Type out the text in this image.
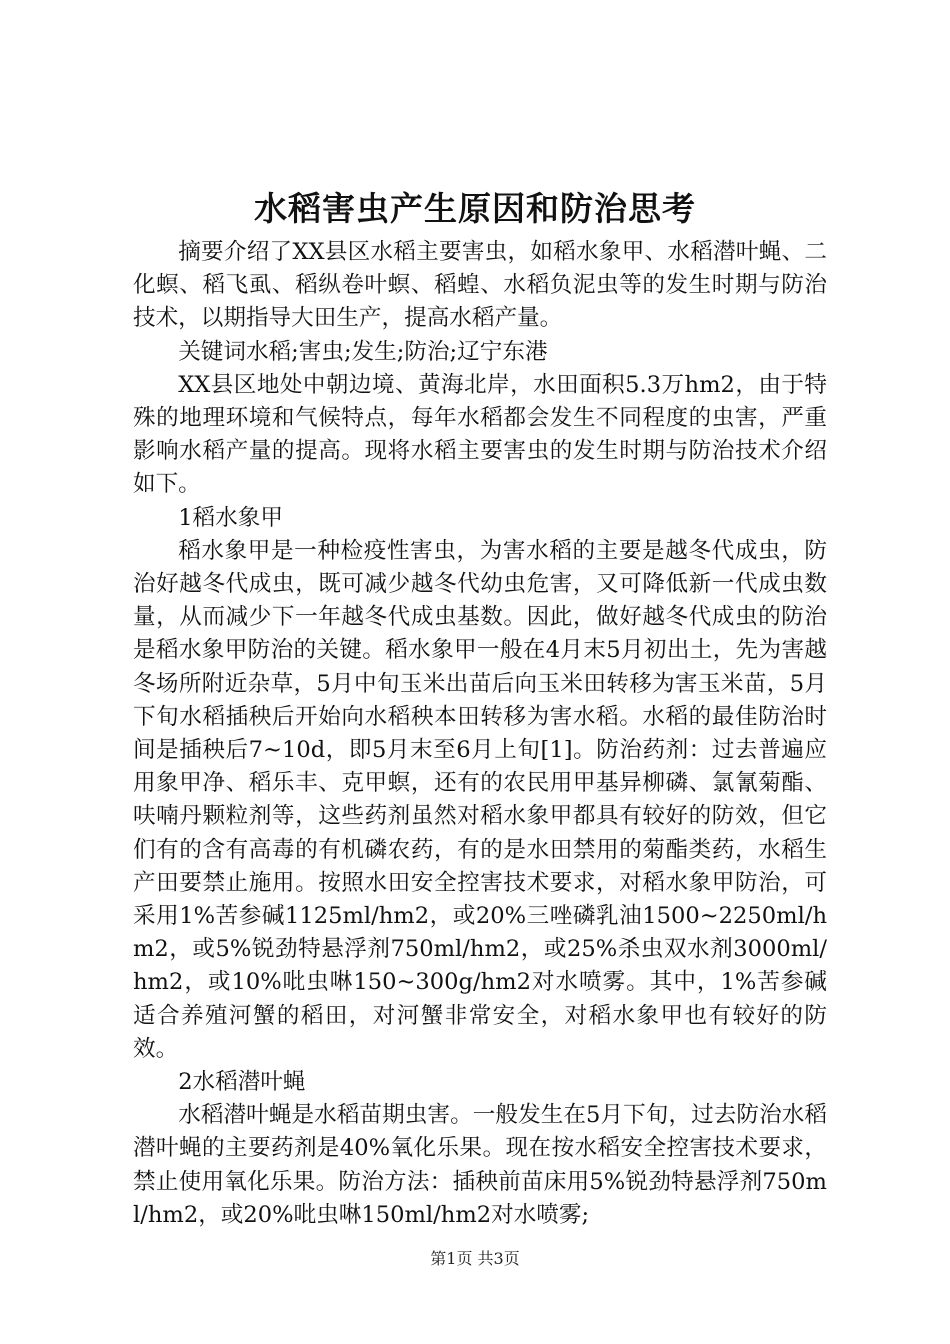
水稻害虫产生原因和防治思考

摘要介绍了XX县区水稻主要害虫，如稻水象甲、水稻潜叶蝇、二化螟、稻飞虱、稻纵卷叶螟、稻蝗、水稻负泥虫等的发生时期与防治技术，以期指导大田生产，提高水稻产量。

关键词水稻;害虫;发生;防治;辽宁东港

XX县区地处中朝边境、黄海北岸，水田面积5.3万hm2，由于特殊的地理环境和气候特点，每年水稻都会发生不同程度的虫害，严重影响水稻产量的提高。现将水稻主要害虫的发生时期与防治技术介绍如下。

1稻水象甲

稻水象甲是一种检疫性害虫，为害水稻的主要是越冬代成虫，防治好越冬代成虫，既可减少越冬代幼虫危害，又可降低新一代成虫数量，从而减少下一年越冬代成虫基数。因此，做好越冬代成虫的防治是稻水象甲防治的关键。稻水象甲一般在4月末5月初出土，先为害越冬场所附近杂草，5月中旬玉米出苗后向玉米田转移为害玉米苗，5月下旬水稻插秧后开始向水稻秧本田转移为害水稻。水稻的最佳防治时间是插秧后7~10d，即5月末至6月上旬[1]。防治药剂：过去普遍应用象甲净、稻乐丰、克甲螟，还有的农民用甲基异柳磷、氯氰菊酯、呋喃丹颗粒剂等，这些药剂虽然对稻水象甲都具有较好的防效，但它们有的含有高毒的有机磷农药，有的是水田禁用的菊酯类药，水稻生产田要禁止施用。按照水田安全控害技术要求，对稻水象甲防治，可采用1%苦参碱1125ml/hm2，或20%三唑磷乳油1500~2250ml/hm2，或5%锐劲特悬浮剂750ml/hm2，或25%杀虫双水剂3000ml/hm2，或10%吡虫啉150~300g/hm2对水喷雾。其中，1%苦参碱适合养殖河蟹的稻田，对河蟹非常安全，对稻水象甲也有较好的防效。

2水稻潜叶蝇

水稻潜叶蝇是水稻苗期虫害。一般发生在5月下旬，过去防治水稻潜叶蝇的主要药剂是40%氧化乐果。现在按水稻安全控害技术要求，禁止使用氧化乐果。防治方法：插秧前苗床用5%锐劲特悬浮剂750ml/hm2，或20%吡虫啉150ml/hm2对水喷雾;

第1页 共3页
